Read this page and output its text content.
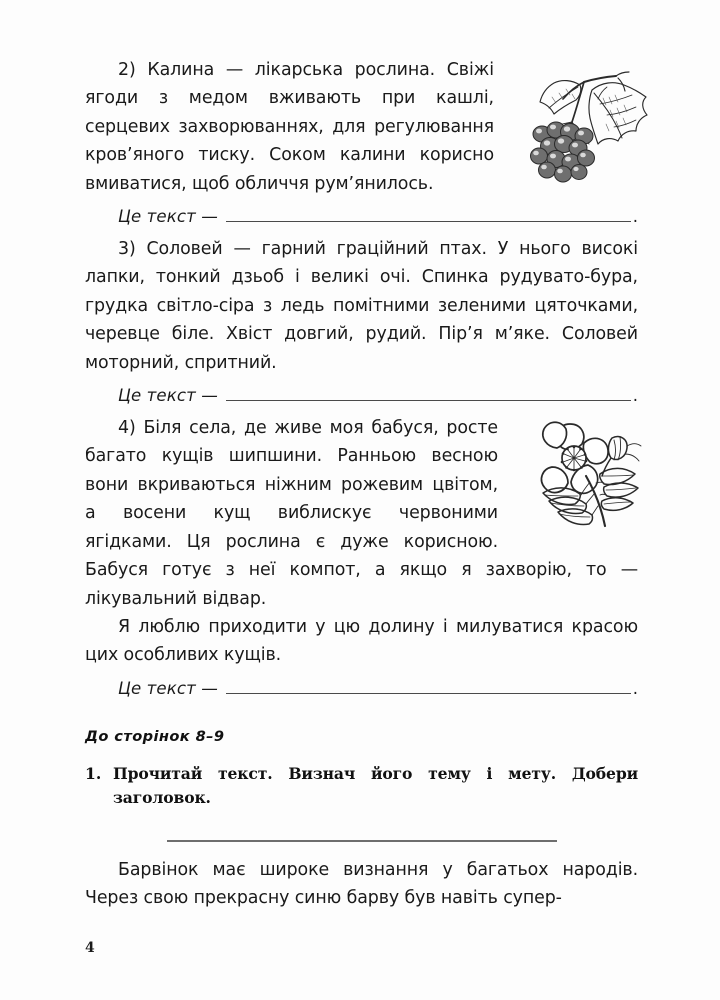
2) Калина — лікарська рослина. Свіжі ягоди з медом вживають при кашлі, серцевих захворюваннях, для регулювання кров’яного тиску. Соком калини корисно вмиватися, щоб обличчя рум’янилось.

Це текст —	.

3) Соловей — гарний граційний птах. У нього високі лапки, тонкий дзьоб і великі очі. Спинка рудувато-бура, грудка світло-сіра з ледь помітними зеленими цяточками, черевце біле. Хвіст довгий, рудий. Пір’я м’яке. Соловей моторний, спритний.

Це текст —	.

4) Біля села, де живе моя бабуся, росте багато кущів шипшини. Ранньою весною вони вкриваються ніжним рожевим цвітом, а восени кущ виблискує червоними ягідками. Ця рослина є дуже корисною. Бабуся готує з неї компот, а якщо я захворію, то — лікувальний відвар.

Я люблю приходити у цю долину і милуватися красою цих особливих кущів.

Це текст —	.
До сторінок 8–9
1. Прочитай текст. Визнач його тему і мету. Добери заголовок.

Барвінок має широке визнання у багатьох народів. Через свою прекрасну синю барву був навіть супер-

4
